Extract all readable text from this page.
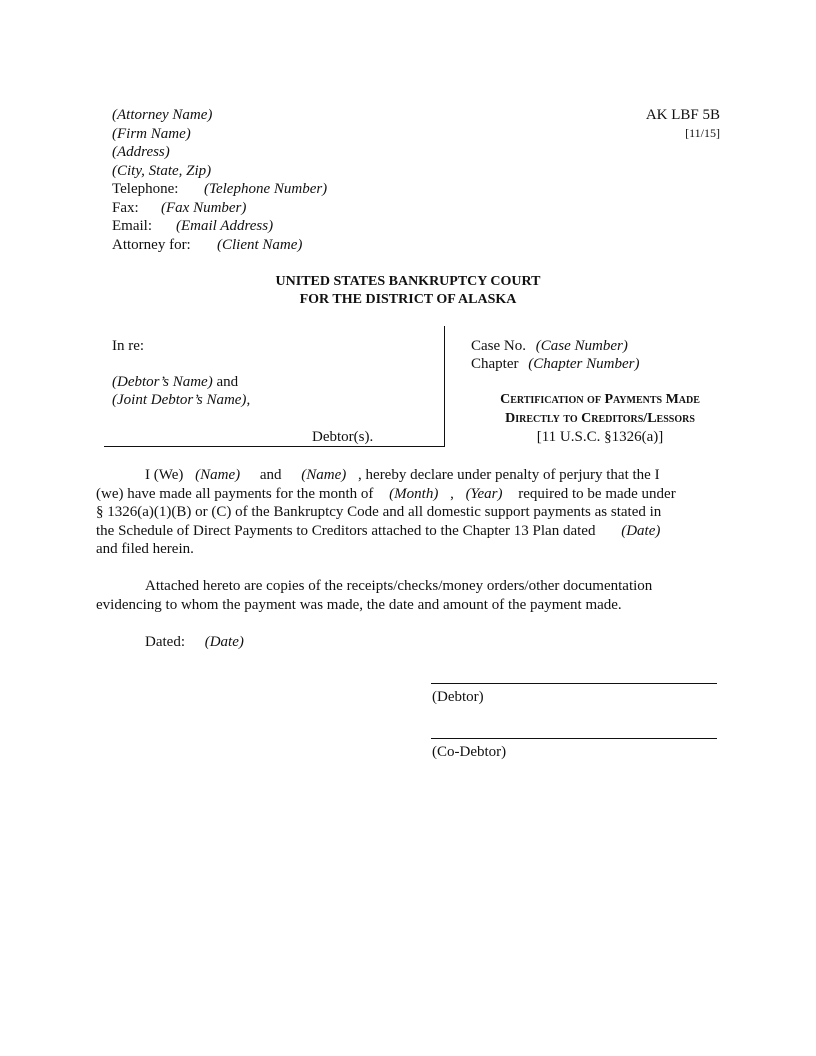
(Attorney Name)
(Firm Name)
(Address)
(City, State, Zip)
Telephone: (Telephone Number)
Fax: (Fax Number)
Email: (Email Address)
Attorney for: (Client Name)
AK LBF 5B
[11/15]
UNITED STATES BANKRUPTCY COURT
FOR THE DISTRICT OF ALASKA
In re:
(Debtor’s Name) and
(Joint Debtor’s Name),
Debtor(s).
Case No. (Case Number)
Chapter (Chapter Number)
Certification of Payments Made
Directly to Creditors/Lessors
[11 U.S.C. §1326(a)]
I (We) (Name) and (Name) , hereby declare under penalty of perjury that the I
(we) have made all payments for the month of (Month) , (Year) required to be made under
§ 1326(a)(1)(B) or (C) of the Bankruptcy Code and all domestic support payments as stated in
the Schedule of Direct Payments to Creditors attached to the Chapter 13 Plan dated (Date)
and filed herein.
Attached hereto are copies of the receipts/checks/money orders/other documentation
evidencing to whom the payment was made, the date and amount of the payment made.
Dated: (Date)
(Debtor)
(Co-Debtor)
